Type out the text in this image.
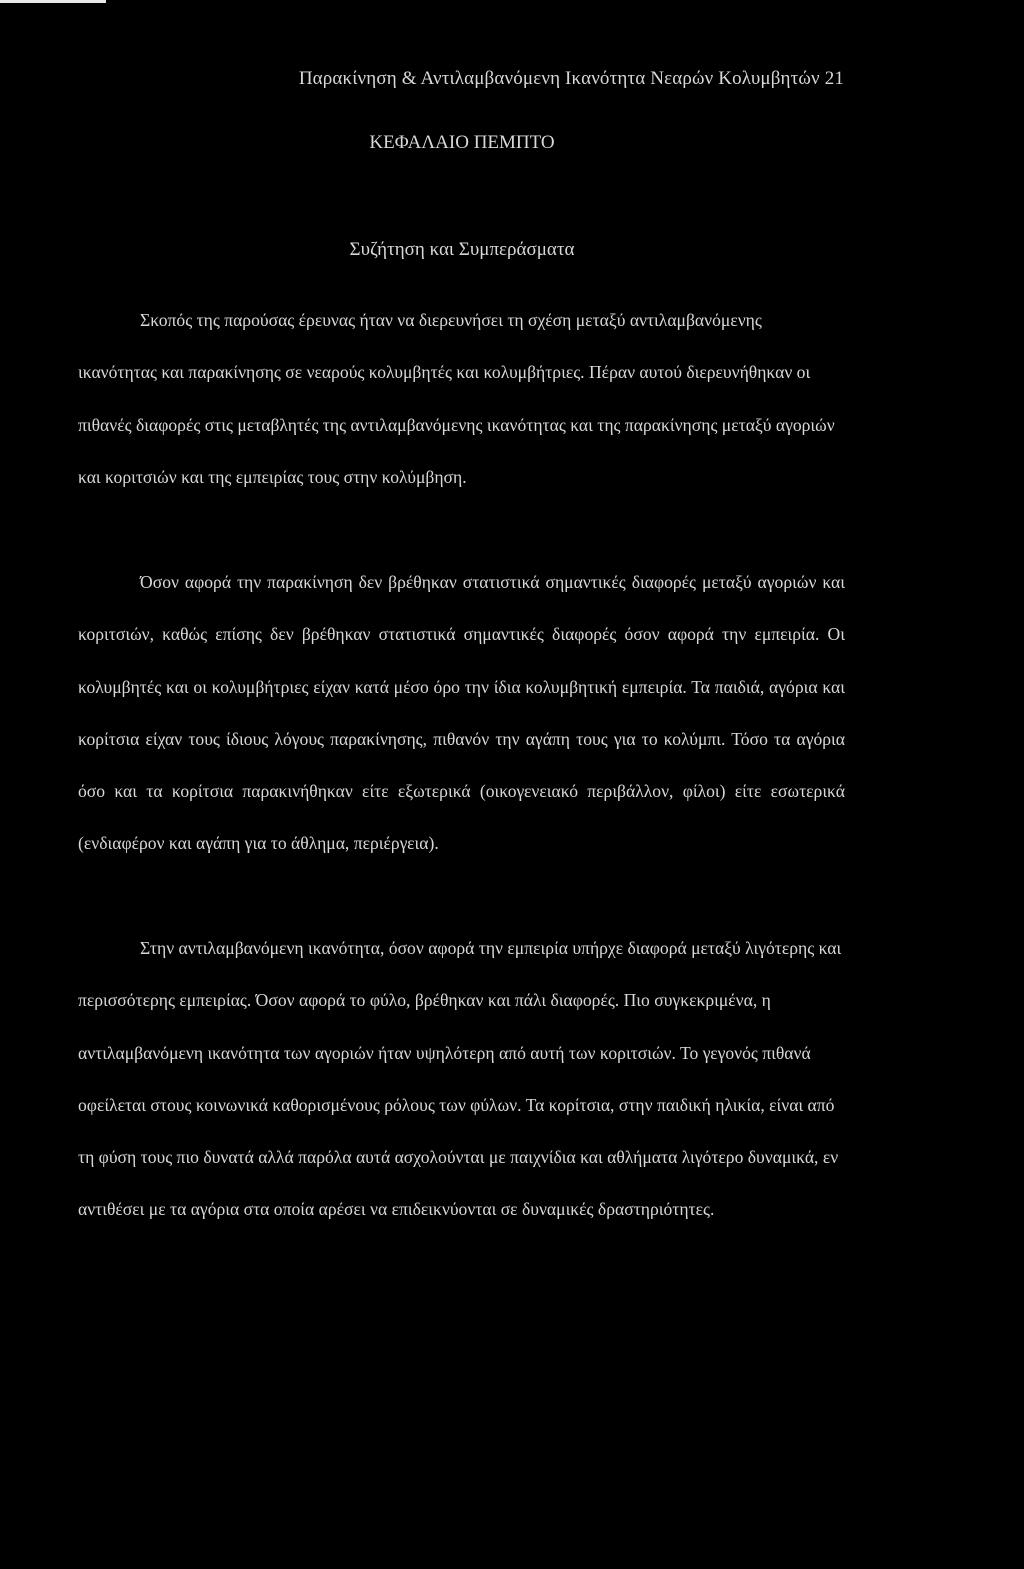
Παρακίνηση & Αντιλαμβανόμενη Ικανότητα Νεαρών Κολυμβητών 21
ΚΕΦΑΛΑΙΟ ΠΕΜΠΤΟ
Συζήτηση και Συμπεράσματα

Σκοπός της παρούσας έρευνας ήταν να διερευνήσει τη σχέση μεταξύ αντιλαμβανόμενης ικανότητας και παρακίνησης σε νεαρούς κολυμβητές και κολυμβήτριες. Πέραν αυτού διερευνήθηκαν οι πιθανές διαφορές στις μεταβλητές της αντιλαμβανόμενης ικανότητας και της παρακίνησης μεταξύ αγοριών και κοριτσιών και της εμπειρίας τους στην κολύμβηση.

Όσον αφορά την παρακίνηση δεν βρέθηκαν στατιστικά σημαντικές διαφορές μεταξύ αγοριών και κοριτσιών, καθώς επίσης δεν βρέθηκαν στατιστικά σημαντικές διαφορές όσον αφορά την εμπειρία. Οι κολυμβητές και οι κολυμβήτριες είχαν κατά μέσο όρο την ίδια κολυμβητική εμπειρία. Τα παιδιά, αγόρια και κορίτσια είχαν τους ίδιους λόγους παρακίνησης, πιθανόν την αγάπη τους για το κολύμπι. Τόσο τα αγόρια όσο και τα κορίτσια παρακινήθηκαν είτε εξωτερικά (οικογενειακό περιβάλλον, φίλοι) είτε εσωτερικά (ενδιαφέρον και αγάπη για το άθλημα, περιέργεια).

Στην αντιλαμβανόμενη ικανότητα, όσον αφορά την εμπειρία υπήρχε διαφορά μεταξύ λιγότερης και περισσότερης εμπειρίας. Όσον αφορά το φύλο, βρέθηκαν και πάλι διαφορές. Πιο συγκεκριμένα, η αντιλαμβανόμενη ικανότητα των αγοριών ήταν υψηλότερη από αυτή των κοριτσιών. Το γεγονός πιθανά οφείλεται στους κοινωνικά καθορισμένους ρόλους των φύλων. Τα κορίτσια, στην παιδική ηλικία, είναι από τη φύση τους πιο δυνατά αλλά παρόλα αυτά ασχολούνται με παιχνίδια και αθλήματα λιγότερο δυναμικά, εν αντιθέσει με τα αγόρια στα οποία αρέσει να επιδεικνύονται σε δυναμικές δραστηριότητες.
